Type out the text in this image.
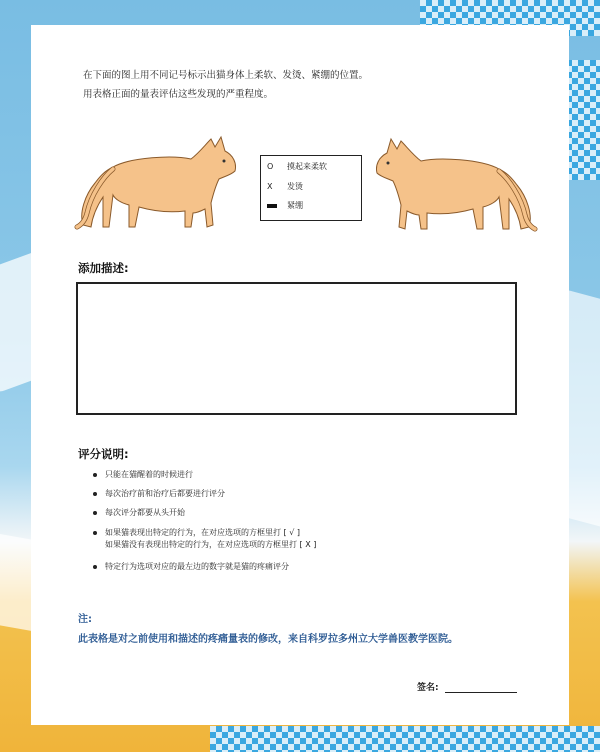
在下面的图上用不同记号标示出猫身体上柔软、发烫、紧绷的位置。
用表格正面的量表评估这些发现的严重程度。
O 摸起来柔软
X 发烫
紧绷
添加描述:
评分说明:
只能在猫醒着的时候进行
每次治疗前和治疗后都要进行评分
每次评分都要从头开始
如果猫表现出特定的行为，在对应选项的方框里打 [ √ ]
如果猫没有表现出特定的行为，在对应选项的方框里打 [ X ]
特定行为选项对应的最左边的数字就是猫的疼痛评分
注:
此表格是对之前使用和描述的疼痛量表的修改，来自科罗拉多州立大学兽医教学医院。
签名:
